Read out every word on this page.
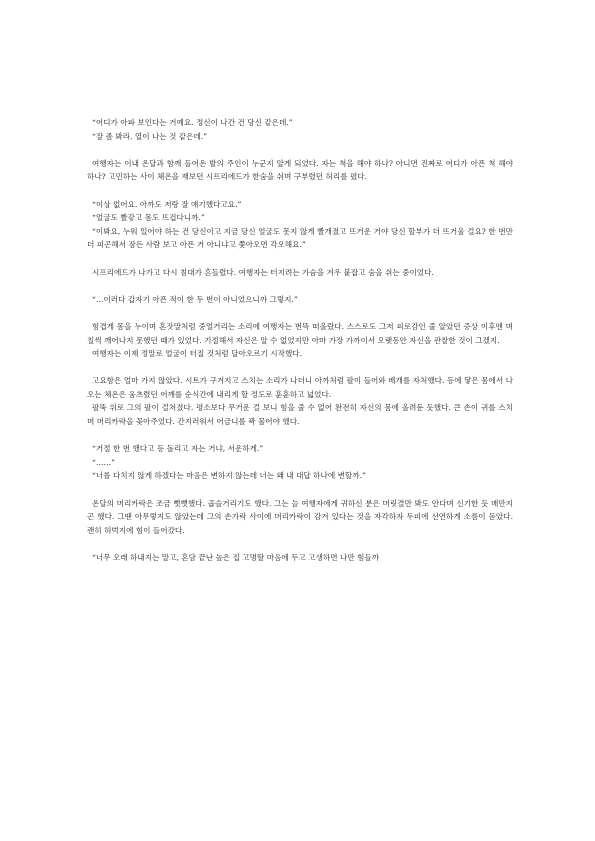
“어디가 아파 보인다는 거예요. 정신이 나간 건 당신 같은데.”

“잘 좀 봐라. 열이 나는 것 같은데.”

여행자는 이내 온달과 함께 들어온 발의 주인이 누군지 알게 되었다. 자는 척을 해야 하나? 아니면 진짜로 어디가 아픈 척 해야 하나? 고민하는 사이 체온을 재보던 시프리에드가 한숨을 쉬며 구부렸던 허리를 폈다.

“이상 없어요. 아까도 저랑 잘 얘기했다고요.”

“얼굴도 빨갛고 몸도 뜨겁다니까.”

“이봐요, 누워 있어야 하는 건 당신이고 지금 당신 얼굴도 못지 않게 빨개졌고 뜨거운 거야 당신 할부가 더 뜨거울 걸요? 한 번만 더 피곤해서 잠든 사람 보고 아픈 거 아니냐고 쫓아오면 각오해요.”

시프리에드가 나가고 다시 침대가 흔들렸다. 여행자는 터지려는 가슴을 겨우 붙잡고 숨을 쉬는 중이었다.

“…이러다 갑자기 아픈 적이 한 두 번이 아니었으니까 그렇지.”

힘겹게 몸을 누이며 혼잣말처럼 중얼거리는 소리에 여행자는 번뜩 떠올랐다. 스스로도 그저 피로감인 줄 알았던 증상 이후엔 며칠씩 깨어나지 못했던 때가 있었다. 기절해서 자신은 알 수 없었지만 아마 가장 가까이서 오랫동안 자신을 관찰한 것이 그겠지.

여행자는 이제 정말로 얼굴이 터질 것처럼 달아오르기 시작했다.

고요함은 얼마 가지 않았다. 시트가 구겨지고 스치는 소리가 나더니 아까처럼 팔이 들어와 베개를 자처했다. 등에 닿은 몸에서 나오는 체온은 움츠렸던 어깨를 순식간에 내리게 할 정도로 훈훈하고 넓었다.

팔뚝 위로 그의 팔이 걸쳐졌다. 평소보다 무거운 걸 보니 힘을 줄 수 없어 완전히 자신의 몸에 올려둔 듯했다. 큰 손이 귀를 스치며 머리카락을 꽂아주었다. 간지러워서 어금니를 꽉 물어야 했다.

“거절 한 번 했다고 등 돌리고 자는 거냐, 서운하게.”

“……”

“너를 다치지 않게 하겠다는 마음은 변하지 않는데 너는 왜 내 대답 하나에 변할까.”

온달의 머리카락은 조금 뻣뻣했다. 곱슬거리기도 했다. 그는 늘 여행자에게 귀하신 분은 머릿결만 봐도 안다며 신기한 듯 매만지곤 했다. 그땐 아무렇지도 않았는데 그의 손가락 사이에 머리카락이 감겨 있다는 것을 자각하자 두피에 선연하게 소름이 돋았다. 괜히 허벅지에 힘이 들어갔다.

“너무 오래 하내지는 말고, 혼담 끝난 높은 집 고명딸 마음에 두고 고생하면 나만 힘들까
